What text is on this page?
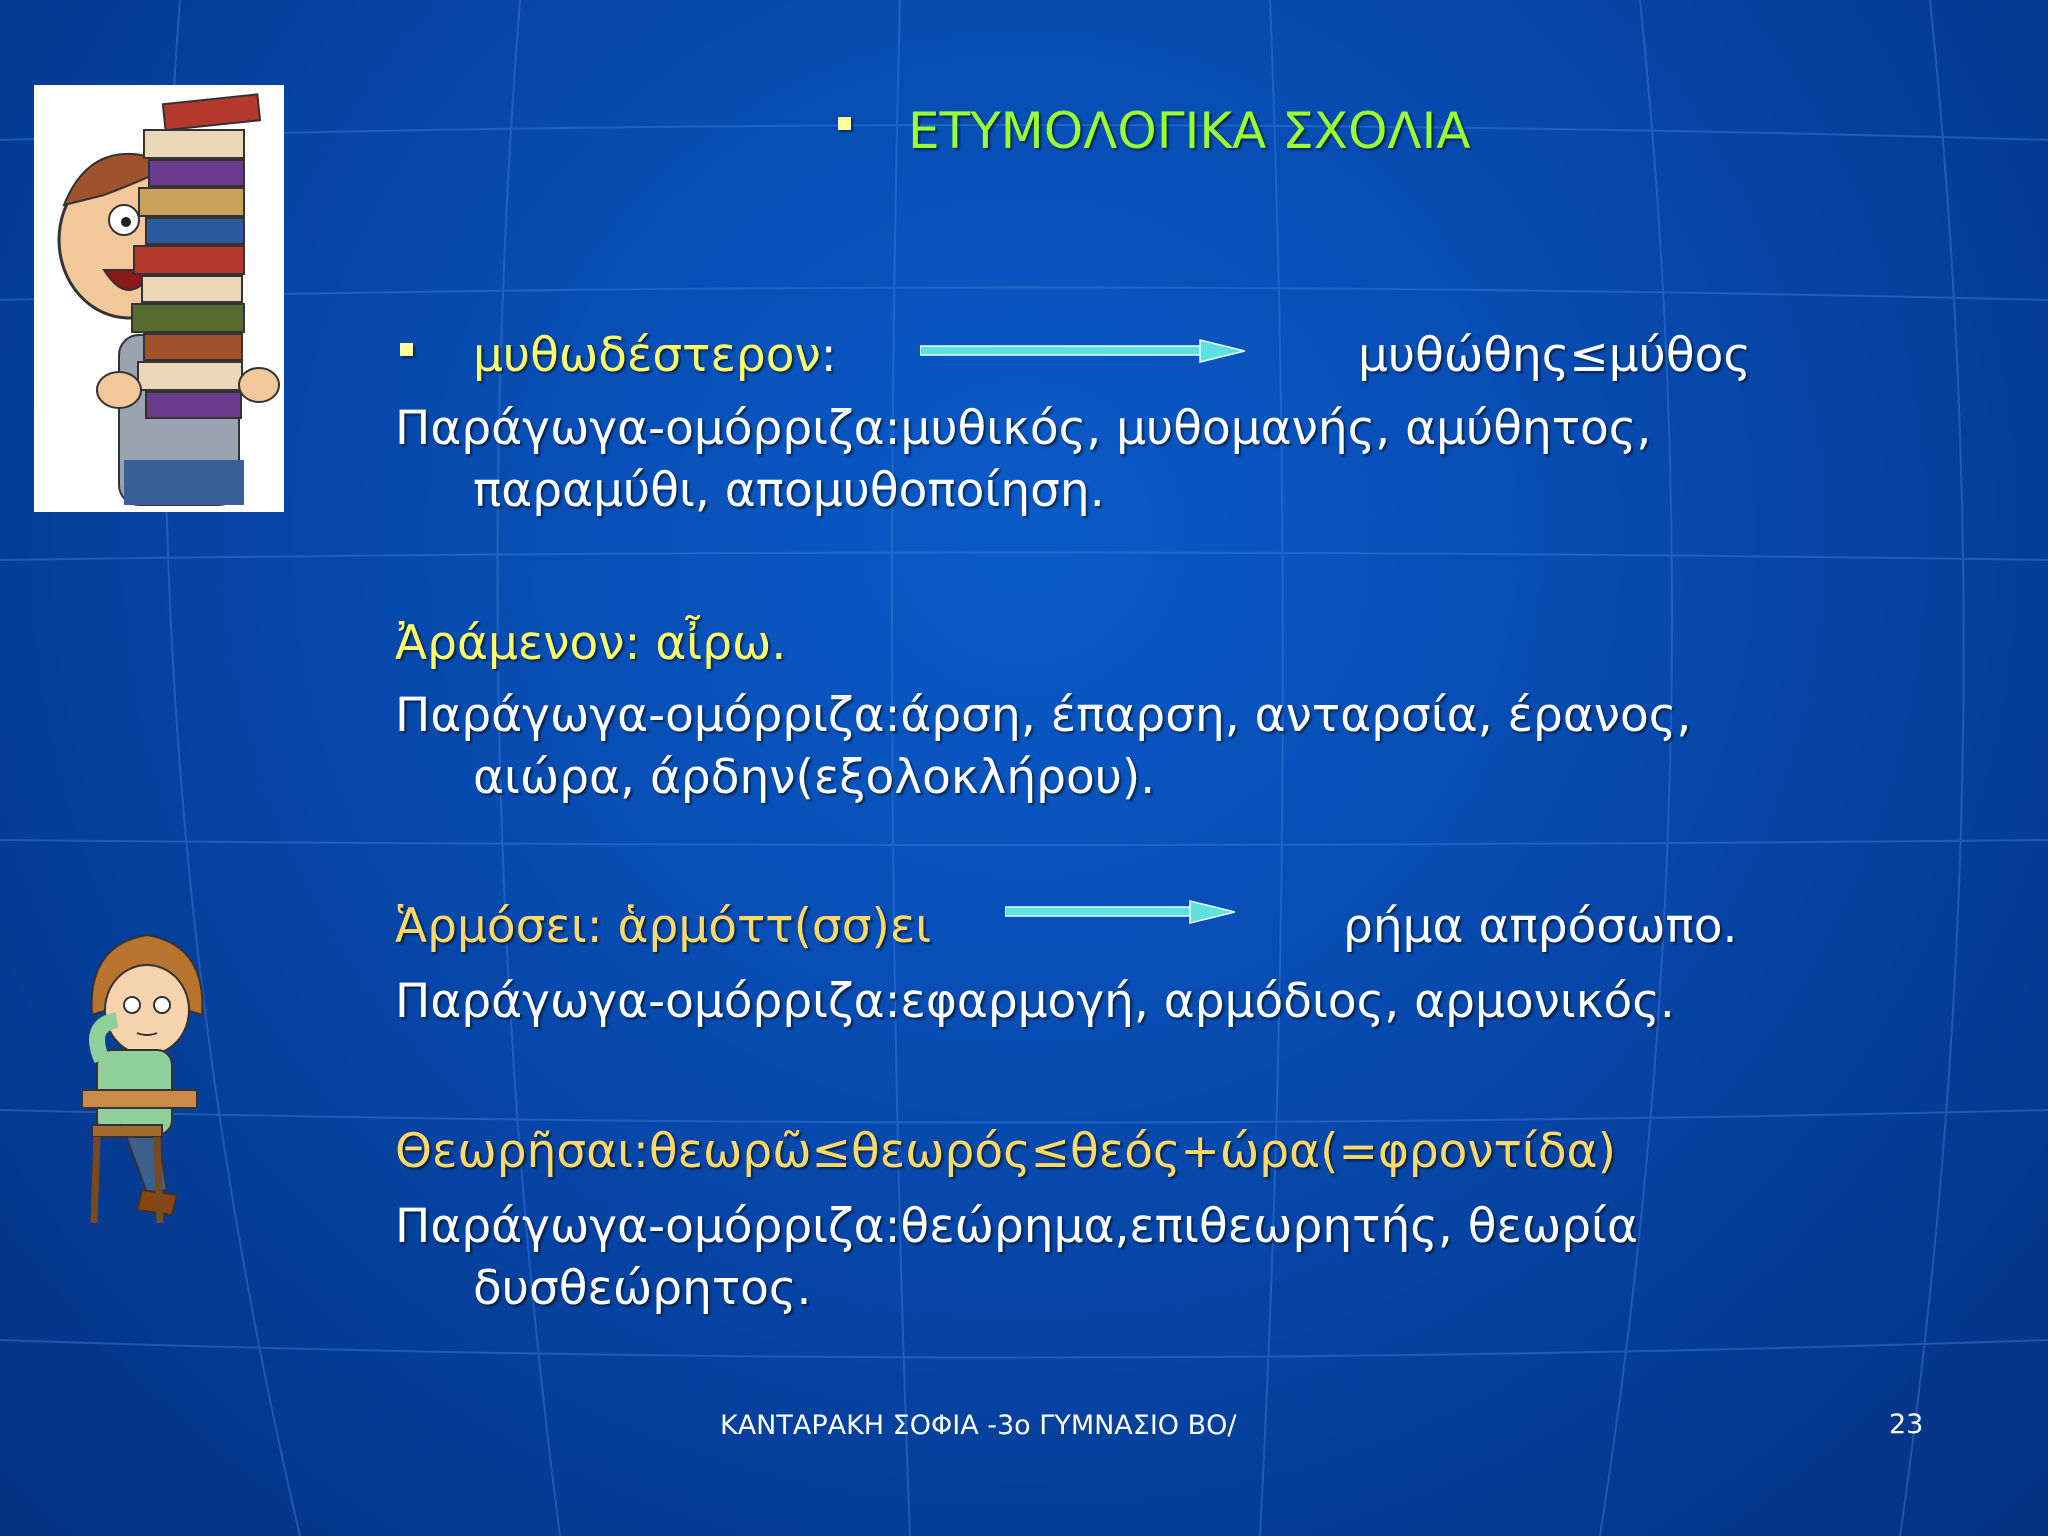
ΕΤΥΜΟΛΟΓΙΚΑ ΣΧΟΛΙΑ
μυθωδέστερον:	μυθώθης≤μύθος
Παράγωγα-ομόρριζα:μυθικός, μυθομανής, αμύθητος,
παραμύθι, απομυθοποίηση.
Ἀράμενον: αἶρω.
Παράγωγα-ομόρριζα:άρση, έπαρση, ανταρσία, έρανος,
αιώρα, άρδην(εξολοκλήρου).
Ἁρμόσει: ἁρμόττ(σσ)ει	ρήμα απρόσωπο.
Παράγωγα-ομόρριζα:εφαρμογή, αρμόδιος, αρμονικός.
Θεωρῆσαι:θεωρῶ≤θεωρός≤θεός+ώρα(=φροντίδα)
Παράγωγα-ομόρριζα:θεώρημα,επιθεωρητής, θεωρία
δυσθεώρητος.
ΚΑΝΤΑΡΑΚΗ ΣΟΦΙΑ -3ο ΓΥΜΝΑΣΙΟ ΒΟ/	23
